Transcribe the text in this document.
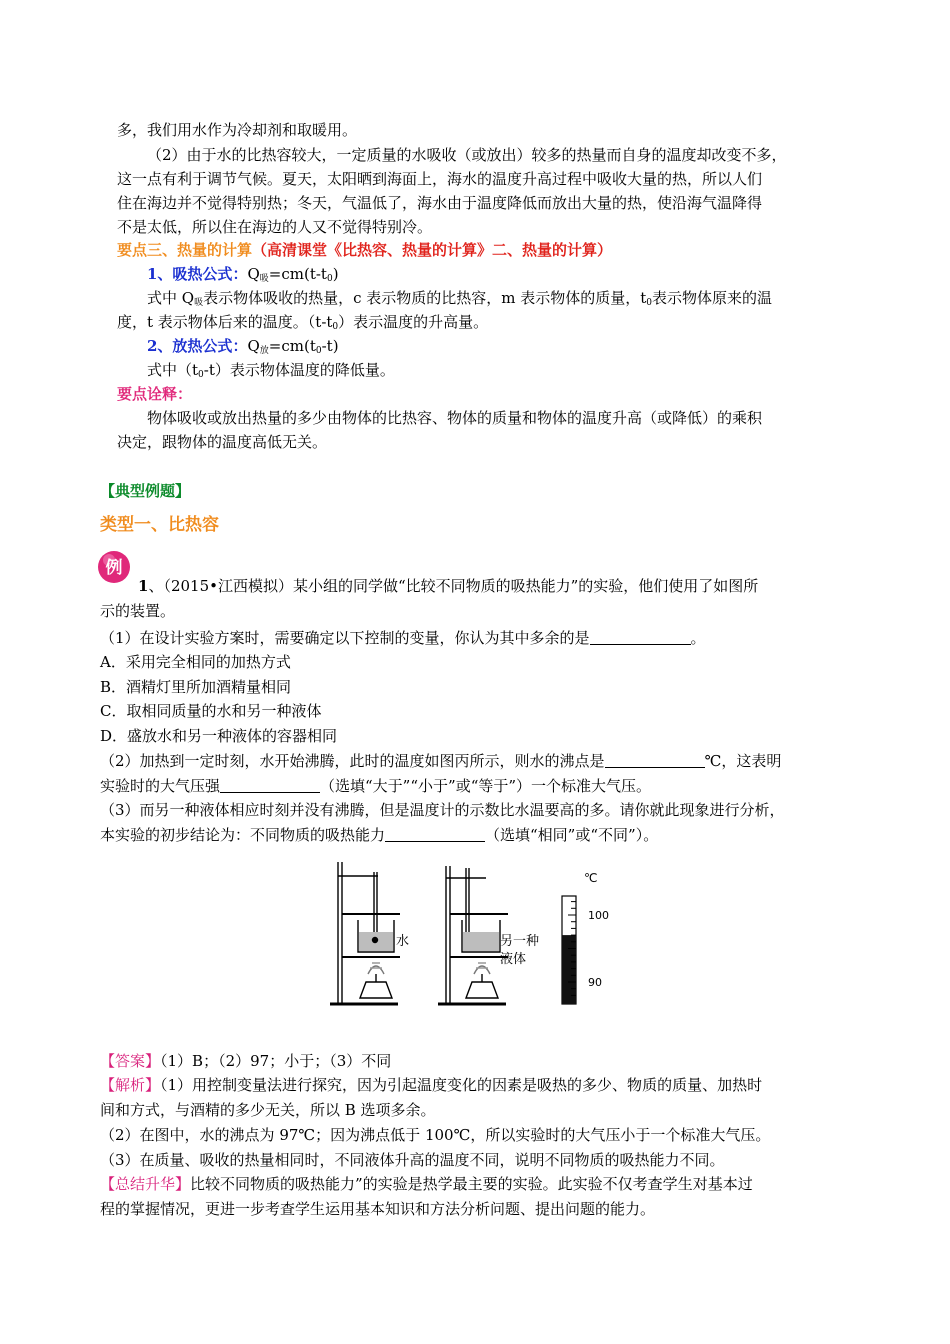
多，我们用水作为冷却剂和取暖用。
（2）由于水的比热容较大，一定质量的水吸收（或放出）较多的热量而自身的温度却改变不多，
这一点有利于调节气候。夏天，太阳晒到海面上，海水的温度升高过程中吸收大量的热，所以人们
住在海边并不觉得特别热；冬天，气温低了，海水由于温度降低而放出大量的热，使沿海气温降得
不是太低，所以住在海边的人又不觉得特别冷。
要点三、热量的计算（高清课堂《比热容、热量的计算》二、热量的计算）
1、吸热公式：$Q_吸=cm(t-t_0)$
式中 $Q_吸$表示物体吸收的热量，c 表示物质的比热容，m 表示物体的质量，$t_0$表示物体原来的温
度，t 表示物体后来的温度。$(t-t_0)$表示温度的升高量。
2、放热公式：$Q_放=cm(t_0-t)$
式中$(t_0-t)$表示物体温度的降低量。
要点诠释：
物体吸收或放出热量的多少由物体的比热容、物体的质量和物体的温度升高（或降低）的乘积
决定，跟物体的温度高低无关。
【典型例题】
类型一、比热容
例
1、（2015•江西模拟）某小组的同学做“比较不同物质的吸热能力”的实验，他们使用了如图所
示的装置。
（1）在设计实验方案时，需要确定以下控制的变量，你认为其中多余的是	。
A．采用完全相同的加热方式
B．酒精灯里所加酒精量相同
C．取相同质量的水和另一种液体
D．盛放水和另一种液体的容器相同
（2）加热到一定时刻，水开始沸腾，此时的温度如图丙所示，则水的沸点是	℃，这表明
实验时的大气压强	（选填“大于”“小于”或“等于”）一个标准大气压。
（3）而另一种液体相应时刻并没有沸腾，但是温度计的示数比水温要高的多。请你就此现象进行分析，
本实验的初步结论为：不同物质的吸热能力	（选填“相同”或“不同”）。
水	另一种
液体
℃
100
90
【答案】（1）B；（2）97；小于；（3）不同
【解析】（1）用控制变量法进行探究，因为引起温度变化的因素是吸热的多少、物质的质量、加热时
间和方式，与酒精的多少无关，所以 B 选项多余。
（2）在图中，水的沸点为 97℃；因为沸点低于 100℃，所以实验时的大气压小于一个标准大气压。
（3）在质量、吸收的热量相同时，不同液体升高的温度不同，说明不同物质的吸热能力不同。
【总结升华】比较不同物质的吸热能力”的实验是热学最主要的实验。此实验不仅考查学生对基本过
程的掌握情况，更进一步考查学生运用基本知识和方法分析问题、提出问题的能力。
